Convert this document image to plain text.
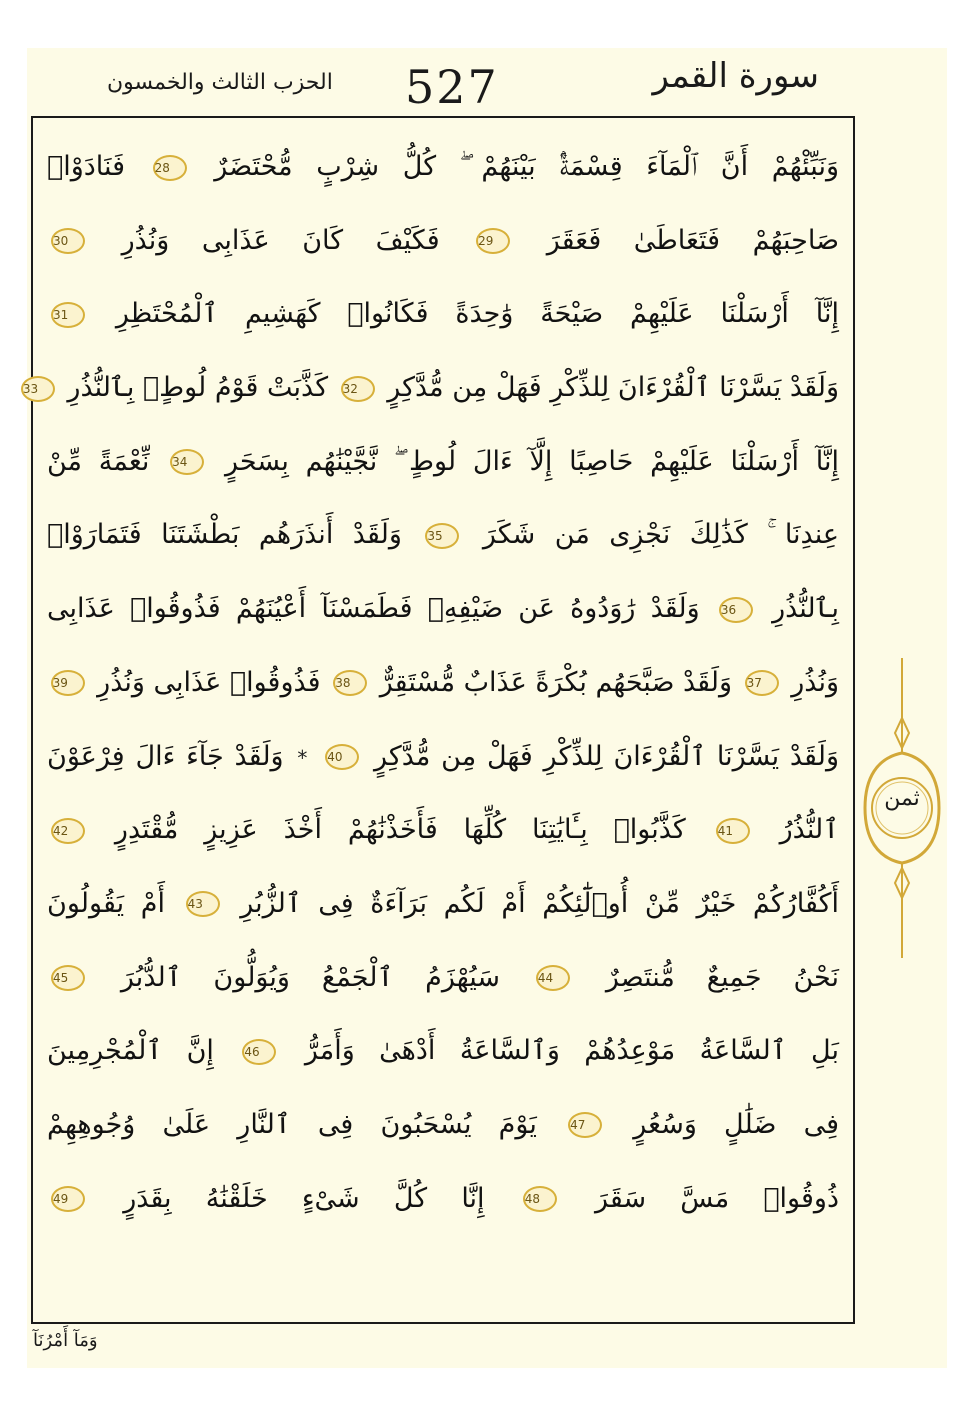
الحزب الثالث والخمسون 527	سورة القمر
وَنَبِّئْهُمْ أَنَّ ٱلْمَآءَ قِسْمَةٌۢ بَيْنَهُمْ ۖ كُلُّ شِرْبٍ مُّحْتَضَرٌ 28 فَنَادَوْا۟
صَاحِبَهُمْ فَتَعَاطَىٰ فَعَقَرَ 29 فَكَيْفَ كَانَ عَذَابِى وَنُذُرِ 30
إِنَّآ أَرْسَلْنَا عَلَيْهِمْ صَيْحَةً وَٰحِدَةً فَكَانُوا۟ كَهَشِيمِ ٱلْمُحْتَظِرِ 31
وَلَقَدْ يَسَّرْنَا ٱلْقُرْءَانَ لِلذِّكْرِ فَهَلْ مِن مُّدَّكِرٍ 32 كَذَّبَتْ قَوْمُ لُوطٍۭ بِٱلنُّذُرِ 33
إِنَّآ أَرْسَلْنَا عَلَيْهِمْ حَاصِبًا إِلَّآ ءَالَ لُوطٍ ۖ نَّجَّيْنَٰهُم بِسَحَرٍ 34 نِّعْمَةً مِّنْ
عِندِنَا ۚ كَذَٰلِكَ نَجْزِى مَن شَكَرَ 35 وَلَقَدْ أَنذَرَهُم بَطْشَتَنَا فَتَمَارَوْا۟
بِٱلنُّذُرِ 36 وَلَقَدْ رَٰوَدُوهُ عَن ضَيْفِهِۦ فَطَمَسْنَآ أَعْيُنَهُمْ فَذُوقُوا۟ عَذَابِى
وَنُذُرِ 37 وَلَقَدْ صَبَّحَهُم بُكْرَةً عَذَابٌ مُّسْتَقِرٌّ 38 فَذُوقُوا۟ عَذَابِى وَنُذُرِ 39
وَلَقَدْ يَسَّرْنَا ٱلْقُرْءَانَ لِلذِّكْرِ فَهَلْ مِن مُّدَّكِرٍ 40 * وَلَقَدْ جَآءَ ءَالَ فِرْعَوْنَ
ٱلنُّذُرُ 41 كَذَّبُوا۟ بِـَٔايَٰتِنَا كُلِّهَا فَأَخَذْنَٰهُمْ أَخْذَ عَزِيزٍ مُّقْتَدِرٍ 42
أَكُفَّارُكُمْ خَيْرٌ مِّنْ أُو۟لَٰٓئِكُمْ أَمْ لَكُم بَرَآءَةٌ فِى ٱلزُّبُرِ 43 أَمْ يَقُولُونَ
نَحْنُ جَمِيعٌ مُّنتَصِرٌ 44 سَيُهْزَمُ ٱلْجَمْعُ وَيُوَلُّونَ ٱلدُّبُرَ 45
بَلِ ٱلسَّاعَةُ مَوْعِدُهُمْ وَٱلسَّاعَةُ أَدْهَىٰ وَأَمَرُّ 46 إِنَّ ٱلْمُجْرِمِينَ
فِى ضَلَٰلٍ وَسُعُرٍ 47 يَوْمَ يُسْحَبُونَ فِى ٱلنَّارِ عَلَىٰ وُجُوهِهِمْ
ذُوقُوا۟ مَسَّ سَقَرَ 48 إِنَّا كُلَّ شَىْءٍ خَلَقْنَٰهُ بِقَدَرٍ 49
ثمن
وَمَآ أَمْرُنَآ
